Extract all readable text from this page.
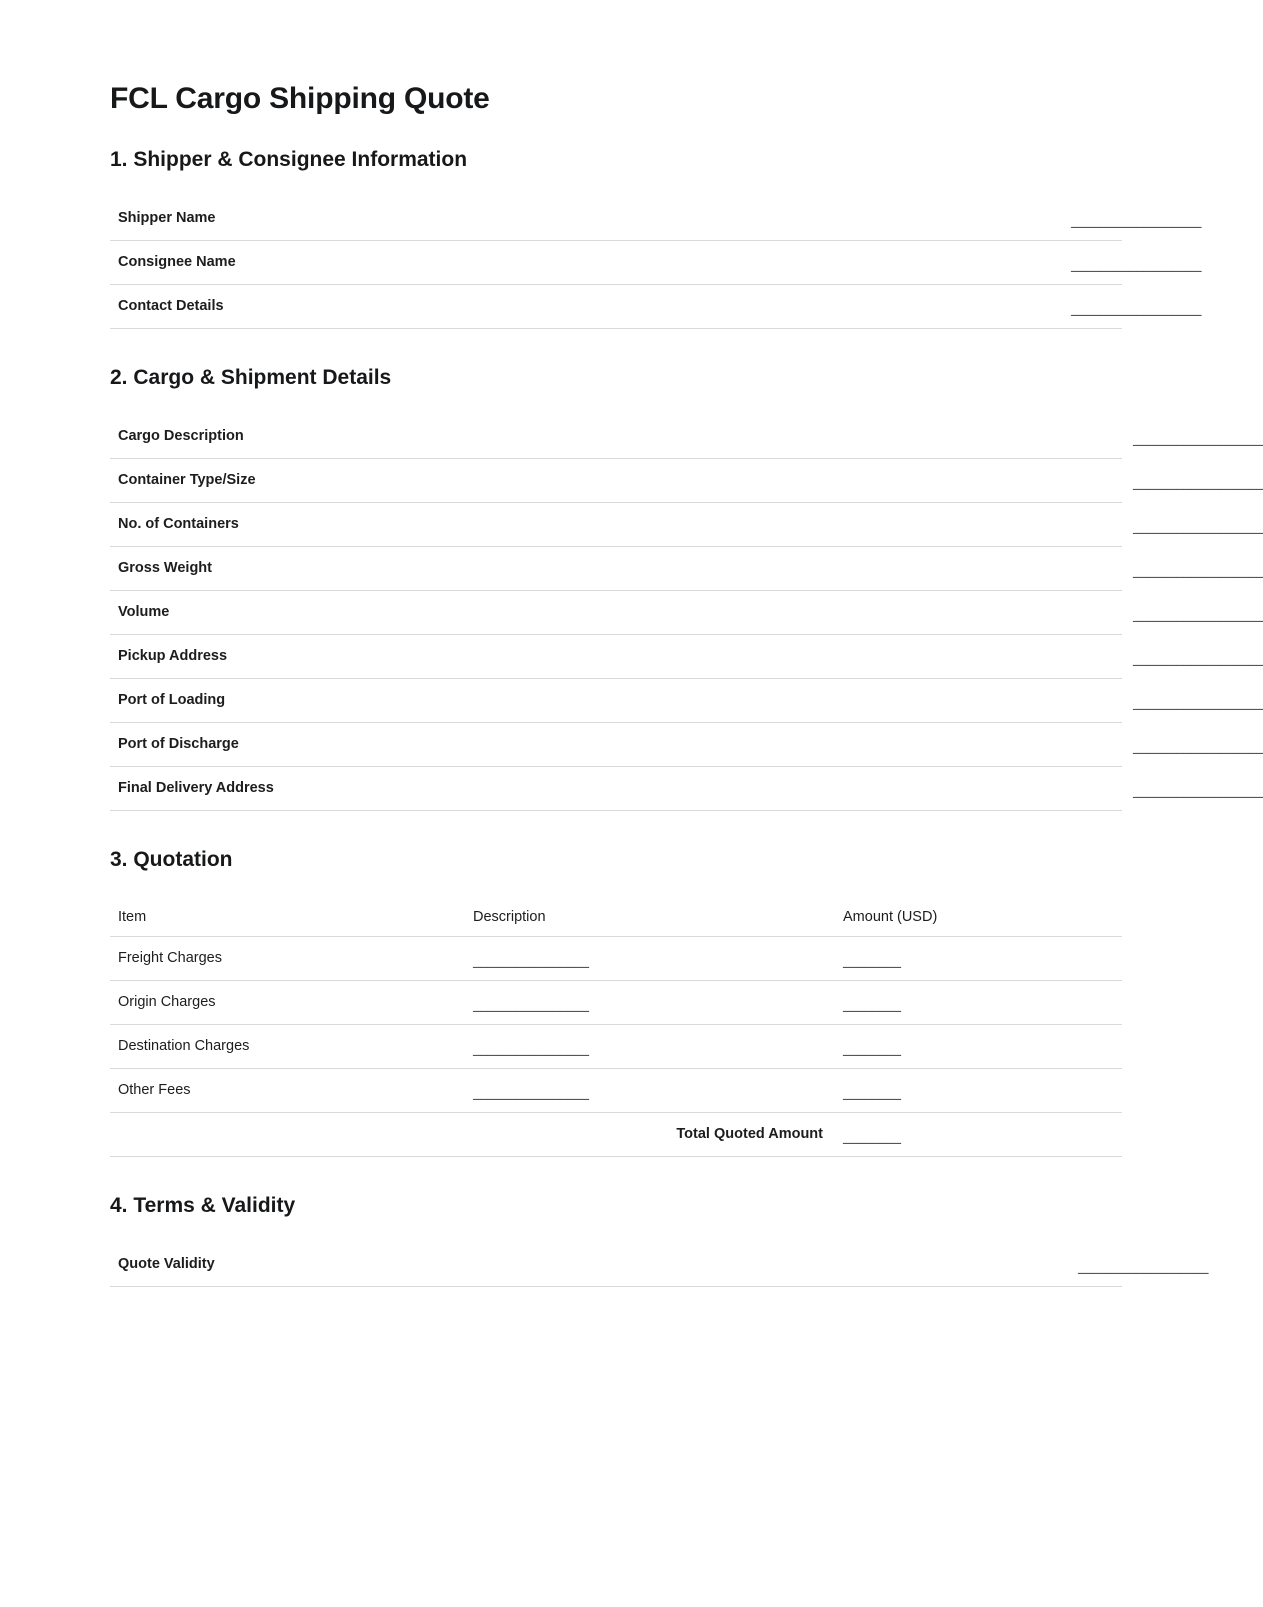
FCL Cargo Shipping Quote
1. Shipper & Consignee Information
Shipper Name	__________________
Consignee Name	__________________
Contact Details	__________________
2. Cargo & Shipment Details
Cargo Description	__________________
Container Type/Size	__________________
No. of Containers	__________________
Gross Weight	__________________
Volume	__________________
Pickup Address	__________________
Port of Loading	__________________
Port of Discharge	__________________
Final Delivery Address	__________________
3. Quotation
Item	Description	Amount (USD)
Freight Charges	________________	________
Origin Charges	________________	________
Destination Charges	________________	________
Other Fees	________________	________
	Total Quoted Amount	________
4. Terms & Validity
Quote Validity	__________________
